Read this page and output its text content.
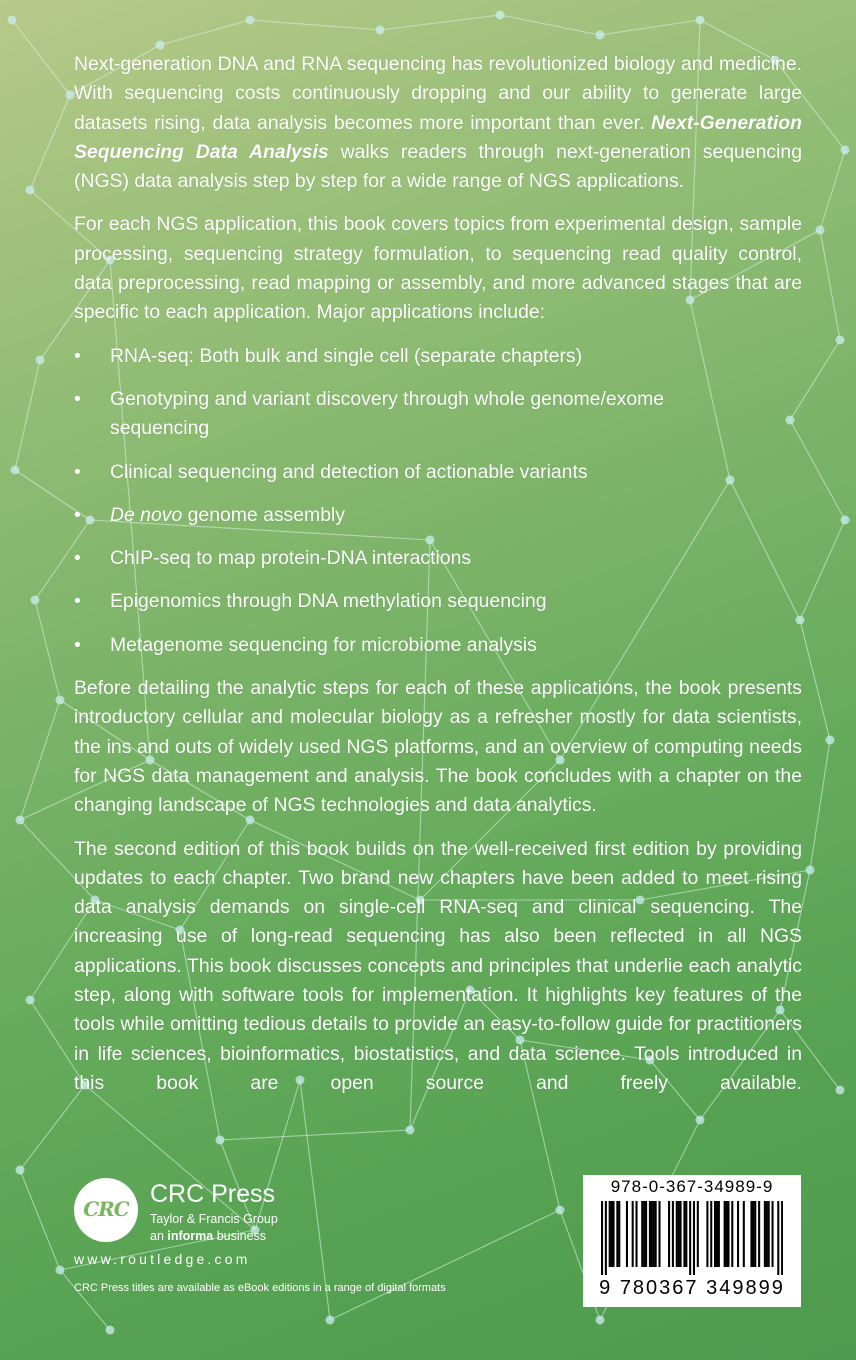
Next-generation DNA and RNA sequencing has revolutionized biology and medicine. With sequencing costs continuously dropping and our ability to generate large datasets rising, data analysis becomes more important than ever. Next-Generation Sequencing Data Analysis walks readers through next-generation sequencing (NGS) data analysis step by step for a wide range of NGS applications.

For each NGS application, this book covers topics from experimental design, sample processing, sequencing strategy formulation, to sequencing read quality control, data preprocessing, read mapping or assembly, and more advanced stages that are specific to each application. Major applications include:

• RNA-seq: Both bulk and single cell (separate chapters)
• Genotyping and variant discovery through whole genome/exome sequencing
• Clinical sequencing and detection of actionable variants
• De novo genome assembly
• ChIP-seq to map protein-DNA interactions
• Epigenomics through DNA methylation sequencing
• Metagenome sequencing for microbiome analysis

Before detailing the analytic steps for each of these applications, the book presents introductory cellular and molecular biology as a refresher mostly for data scientists, the ins and outs of widely used NGS platforms, and an overview of computing needs for NGS data management and analysis. The book concludes with a chapter on the changing landscape of NGS technologies and data analytics.

The second edition of this book builds on the well-received first edition by providing updates to each chapter. Two brand new chapters have been added to meet rising data analysis demands on single-cell RNA-seq and clinical sequencing. The increasing use of long-read sequencing has also been reflected in all NGS applications. This book discusses concepts and principles that underlie each analytic step, along with software tools for implementation. It highlights key features of the tools while omitting tedious details to provide an easy-to-follow guide for practitioners in life sciences, bioinformatics, biostatistics, and data science. Tools introduced in this book are open source and freely available.

CRC
CRC Press
Taylor & Francis Group
an informa business
www.routledge.com
CRC Press titles are available as eBook editions in a range of digital formats
978-0-367-34989-9
9 780367 349899
